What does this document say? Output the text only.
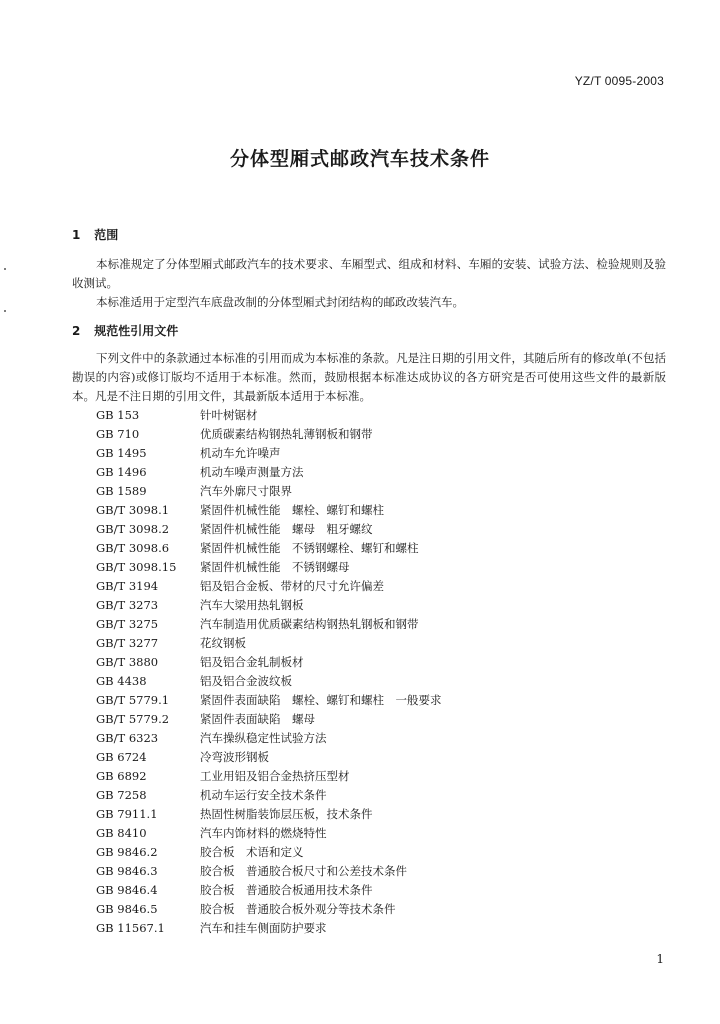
YZ/T 0095-2003
分体型厢式邮政汽车技术条件
1 范围

本标准规定了分体型厢式邮政汽车的技术要求、车厢型式、组成和材料、车厢的安装、试验方法、检验规则及验收测试。

本标准适用于定型汽车底盘改制的分体型厢式封闭结构的邮政改装汽车。

2 规范性引用文件

下列文件中的条款通过本标准的引用而成为本标准的条款。凡是注日期的引用文件，其随后所有的修改单(不包括勘误的内容)或修订版均不适用于本标准。然而，鼓励根据本标准达成协议的各方研究是否可使用这些文件的最新版本。凡是不注日期的引用文件，其最新版本适用于本标准。

GB 153	针叶树锯材
GB 710	优质碳素结构钢热轧薄钢板和钢带
GB 1495	机动车允许噪声
GB 1496	机动车噪声测量方法
GB 1589	汽车外廓尺寸限界
GB/T 3098.1	紧固件机械性能　螺栓、螺钉和螺柱
GB/T 3098.2	紧固件机械性能　螺母　粗牙螺纹
GB/T 3098.6	紧固件机械性能　不锈钢螺栓、螺钉和螺柱
GB/T 3098.15 紧固件机械性能　不锈钢螺母
GB/T 3194	铝及铝合金板、带材的尺寸允许偏差
GB/T 3273	汽车大梁用热轧钢板
GB/T 3275	汽车制造用优质碳素结构钢热轧钢板和钢带
GB/T 3277	花纹钢板
GB/T 3880	铝及铝合金轧制板材
GB 4438	铝及铝合金波纹板
GB/T 5779.1	紧固件表面缺陷　螺栓、螺钉和螺柱　一般要求
GB/T 5779.2	紧固件表面缺陷　螺母
GB/T 6323	汽车操纵稳定性试验方法
GB 6724	冷弯波形钢板
GB 6892	工业用铝及铝合金热挤压型材
GB 7258	机动车运行安全技术条件
GB 7911.1	热固性树脂装饰层压板，技术条件
GB 8410	汽车内饰材料的燃烧特性
GB 9846.2	胶合板　术语和定义
GB 9846.3	胶合板　普通胶合板尺寸和公差技术条件
GB 9846.4	胶合板　普通胶合板通用技术条件
GB 9846.5	胶合板　普通胶合板外观分等技术条件
GB 11567.1	汽车和挂车侧面防护要求
1
